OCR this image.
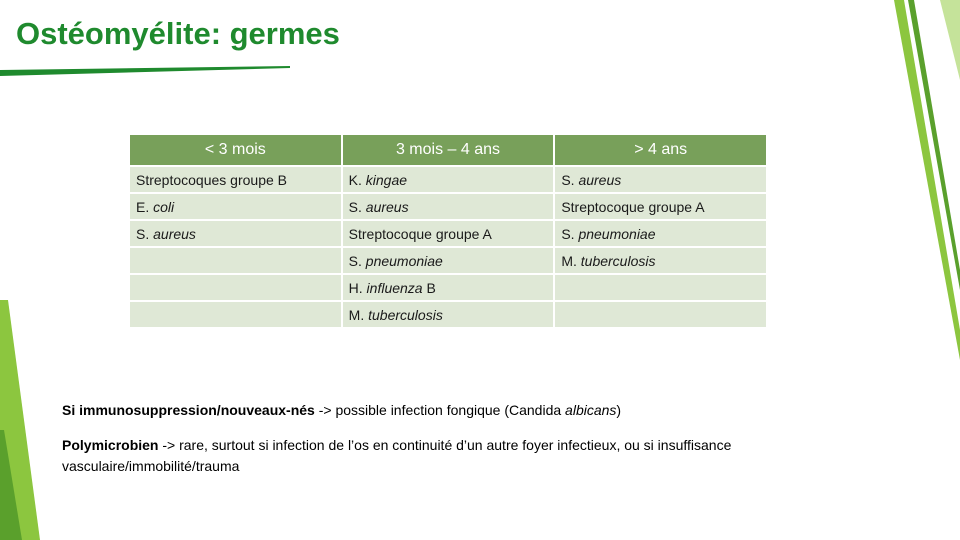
Ostéomyélite: germes
< 3 mois	3 mois – 4 ans	> 4 ans
Streptocoques groupe B	K. kingae	S. aureus
E. coli	S. aureus	Streptocoque groupe A
S. aureus	Streptocoque groupe A	S. pneumoniae
	S. pneumoniae	M. tuberculosis
	H. influenza B	
	M. tuberculosis	

Si immunosuppression/nouveaux-nés -> possible infection fongique (Candida albicans)

Polymicrobien -> rare, surtout si infection de l’os en continuité d’un autre foyer infectieux, ou si insuffisance vasculaire/immobilité/trauma
